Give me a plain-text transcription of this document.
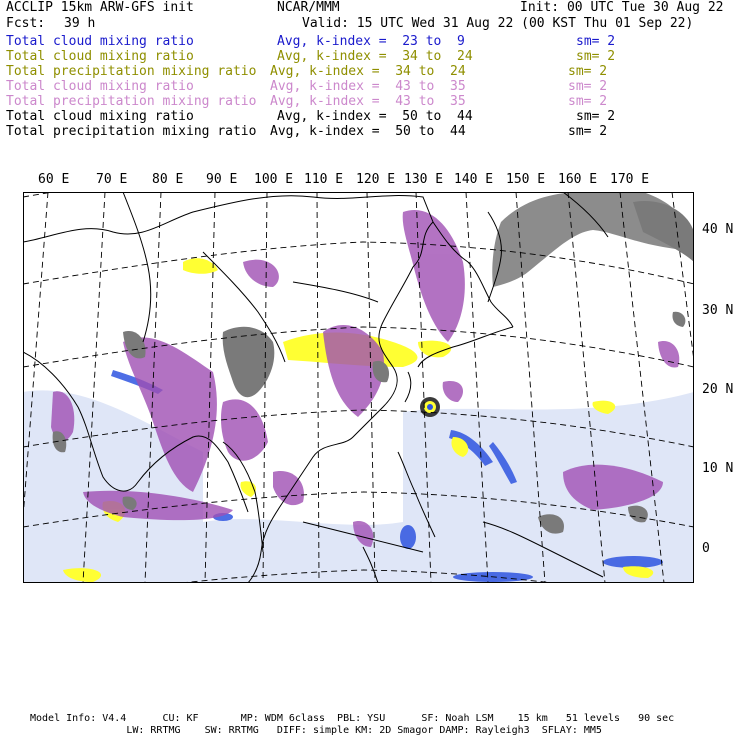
ACCLIP 15km ARW-GFS init	NCAR/MMM	Init: 00 UTC Tue 30 Aug 22
Fcst: 39 h	Valid: 15 UTC Wed 31 Aug 22 (00 KST Thu 01 Sep 22)
Total cloud mixing ratio	Avg, k-index =  23 to  9	sm= 2
Total cloud mixing ratio	Avg, k-index =  34 to  24	sm= 2
Total precipitation mixing ratio Avg, k-index =  34 to  24	sm= 2
Total cloud mixing ratio	Avg, k-index =  43 to  35	sm= 2
Total precipitation mixing ratio Avg, k-index =  43 to  35	sm= 2
Total cloud mixing ratio	Avg, k-index =  50 to  44	sm= 2
Total precipitation mixing ratio Avg, k-index =  50 to  44	sm= 2
60 E 70 E 80 E 90 E 100 E 110 E 120 E 130 E 140 E 150 E 160 E 170 E
40 N
30 N
20 N
10 N
0
Model Info: V4.4      CU: KF       MP: WDM 6class  PBL: YSU      SF: Noah LSM    15 km   51 levels   90 sec
LW: RRTMG    SW: RRTMG   DIFF: simple KM: 2D Smagor DAMP: Rayleigh3  SFLAY: MM5
